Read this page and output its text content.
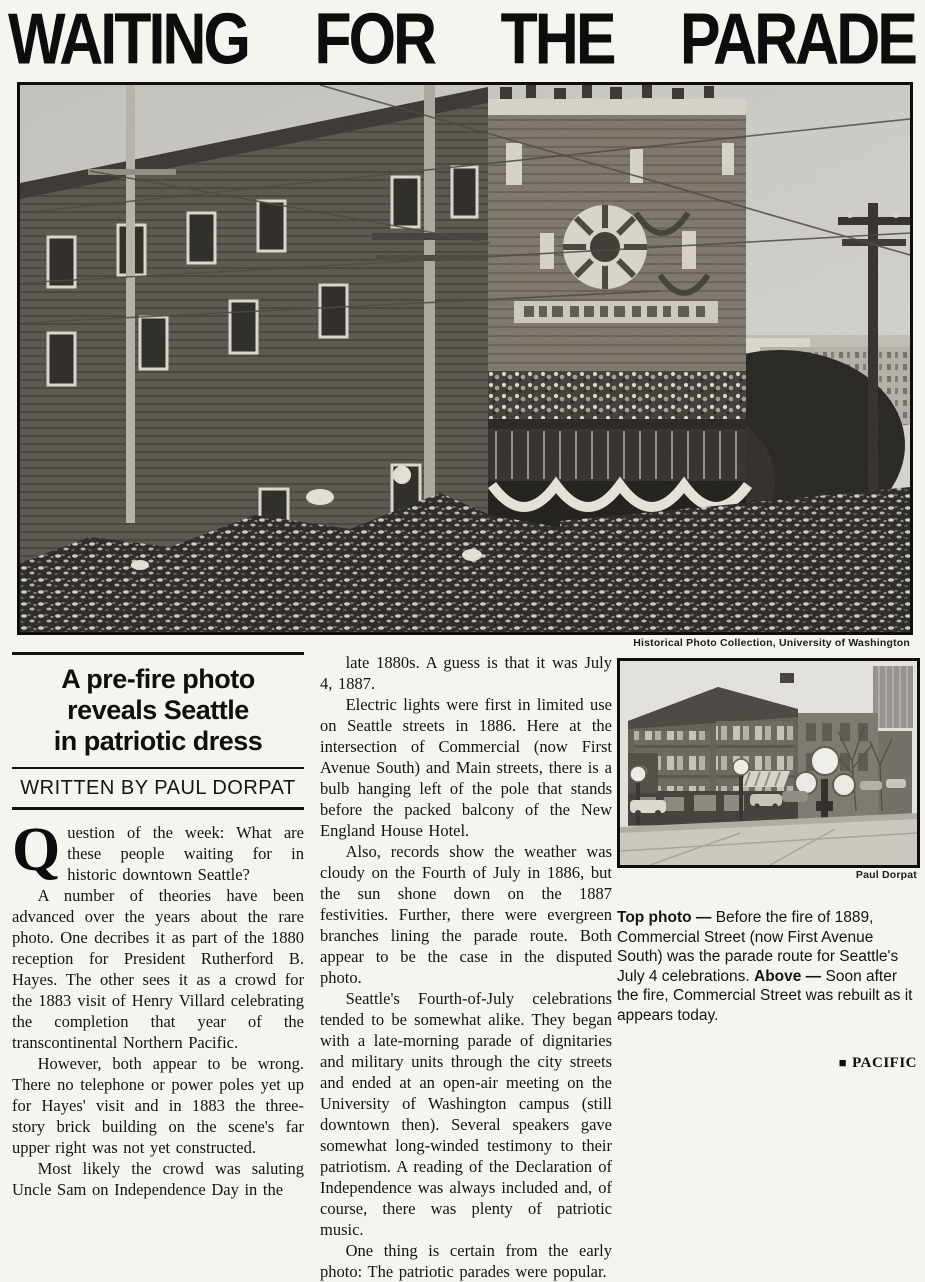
WAITING FOR THE PARADE
Historical Photo Collection, University of Washington
A pre-fire photo
reveals Seattle
in patriotic dress
WRITTEN BY PAUL DORPAT

Question of the week: What are these people waiting for in historic downtown Seattle?

A number of theories have been advanced over the years about the rare photo. One decribes it as part of the 1880 reception for President Rutherford B. Hayes. The other sees it as a crowd for the 1883 visit of Henry Villard celebrating the completion that year of the transcontinental Northern Pacific.

However, both appear to be wrong. There no telephone or power poles yet up for Hayes' visit and in 1883 the three-story brick building on the scene's far upper right was not yet constructed.

Most likely the crowd was saluting Uncle Sam on Independence Day in the

late 1880s. A guess is that it was July 4, 1887.

Electric lights were first in limited use on Seattle streets in 1886. Here at the intersection of Commercial (now First Avenue South) and Main streets, there is a bulb hanging left of the pole that stands before the packed balcony of the New England House Hotel.

Also, records show the weather was cloudy on the Fourth of July in 1886, but the sun shone down on the 1887 festivities. Further, there were evergreen branches lining the parade route. Both appear to be the case in the disputed photo.

Seattle's Fourth-of-July celebrations tended to be somewhat alike. They began with a late-morning parade of dignitaries and military units through the city streets and ended at an open-air meeting on the University of Washington campus (still downtown then). Several speakers gave somewhat long-winded testimony to their patriotism. A reading of the Declaration of Independence was always included and, of course, there was plenty of patriotic music.

One thing is certain from the early photo: The patriotic parades were popular.

Top photo — Before the fire of 1889, Commercial Street (now First Avenue South) was the parade route for Seattle's July 4 celebrations. Above — Soon after the fire, Commercial Street was rebuilt as it appears today.
■ PACIFIC
Paul Dorpat
